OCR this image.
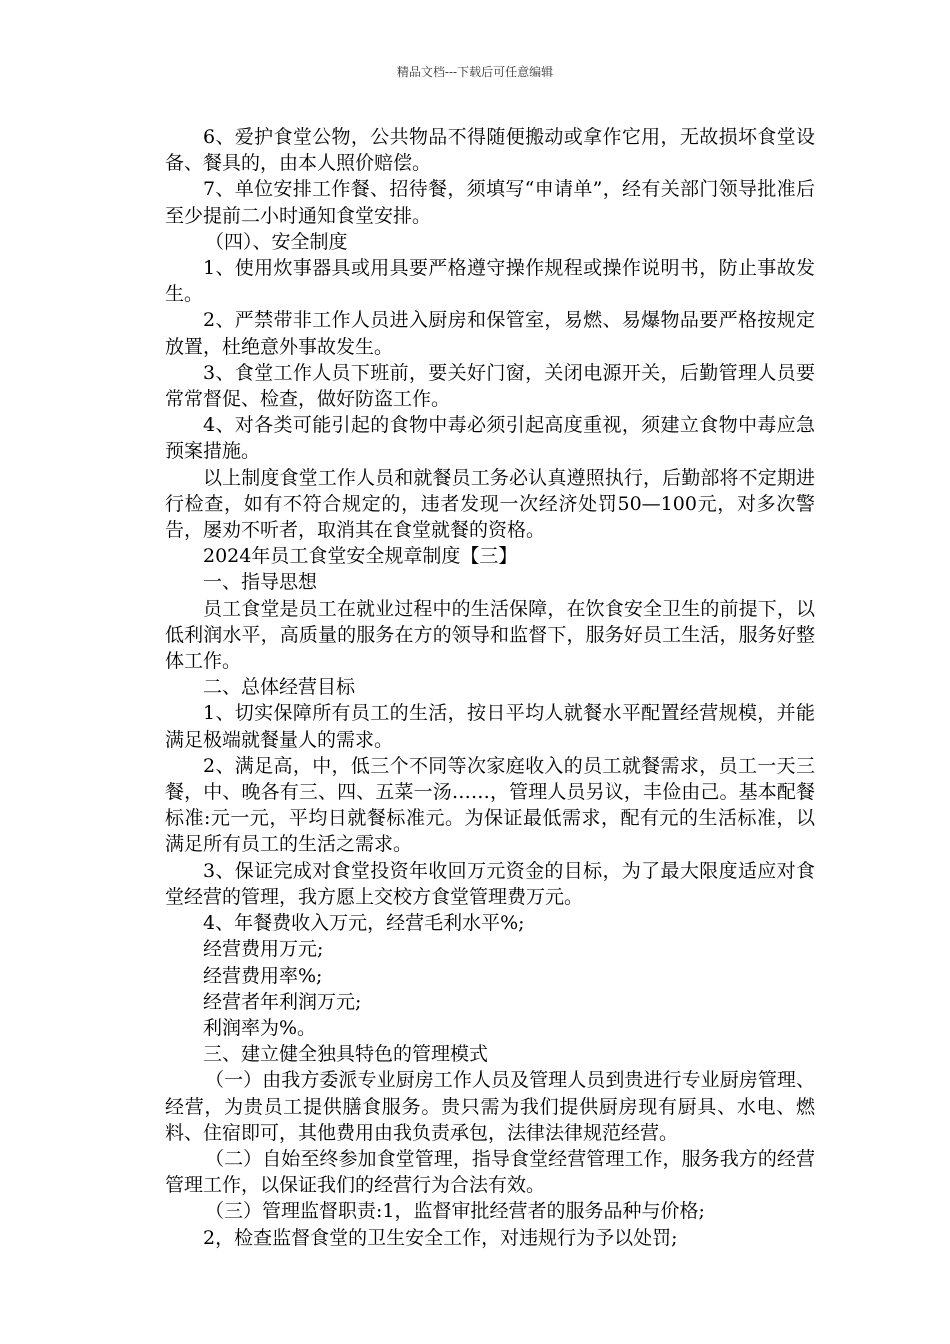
精品文档---下载后可任意编辑

6、爱护食堂公物，公共物品不得随便搬动或拿作它用，无故损坏食堂设备、餐具的，由本人照价赔偿。

7、单位安排工作餐、招待餐，须填写“申请单”，经有关部门领导批准后至少提前二小时通知食堂安排。

（四）、安全制度

1、使用炊事器具或用具要严格遵守操作规程或操作说明书，防止事故发生。

2、严禁带非工作人员进入厨房和保管室，易燃、易爆物品要严格按规定放置，杜绝意外事故发生。

3、食堂工作人员下班前，要关好门窗，关闭电源开关，后勤管理人员要常常督促、检查，做好防盗工作。

4、对各类可能引起的食物中毒必须引起高度重视，须建立食物中毒应急预案措施。

以上制度食堂工作人员和就餐员工务必认真遵照执行，后勤部将不定期进行检查，如有不符合规定的，违者发现一次经济处罚50—100元，对多次警告，屡劝不听者，取消其在食堂就餐的资格。

2024年员工食堂安全规章制度【三】

一、指导思想

员工食堂是员工在就业过程中的生活保障，在饮食安全卫生的前提下，以低利润水平，高质量的服务在方的领导和监督下，服务好员工生活，服务好整体工作。

二、总体经营目标

1、切实保障所有员工的生活，按日平均人就餐水平配置经营规模，并能满足极端就餐量人的需求。

2、满足高，中，低三个不同等次家庭收入的员工就餐需求，员工一天三餐，中、晚各有三、四、五菜一汤……，管理人员另议，丰俭由己。基本配餐标准:元一元，平均日就餐标准元。为保证最低需求，配有元的生活标准，以满足所有员工的生活之需求。

3、保证完成对食堂投资年收回万元资金的目标，为了最大限度适应对食堂经营的管理，我方愿上交校方食堂管理费万元。

4、年餐费收入万元，经营毛利水平%;

经营费用万元;

经营费用率%;

经营者年利润万元;

利润率为%。

三、建立健全独具特色的管理模式

（一）由我方委派专业厨房工作人员及管理人员到贵进行专业厨房管理、经营，为贵员工提供膳食服务。贵只需为我们提供厨房现有厨具、水电、燃料、住宿即可，其他费用由我负责承包，法律法律规范经营。

（二）自始至终参加食堂管理，指导食堂经营管理工作，服务我方的经营管理工作，以保证我们的经营行为合法有效。

（三）管理监督职责:1，监督审批经营者的服务品种与价格;

2，检查监督食堂的卫生安全工作，对违规行为予以处罚;
